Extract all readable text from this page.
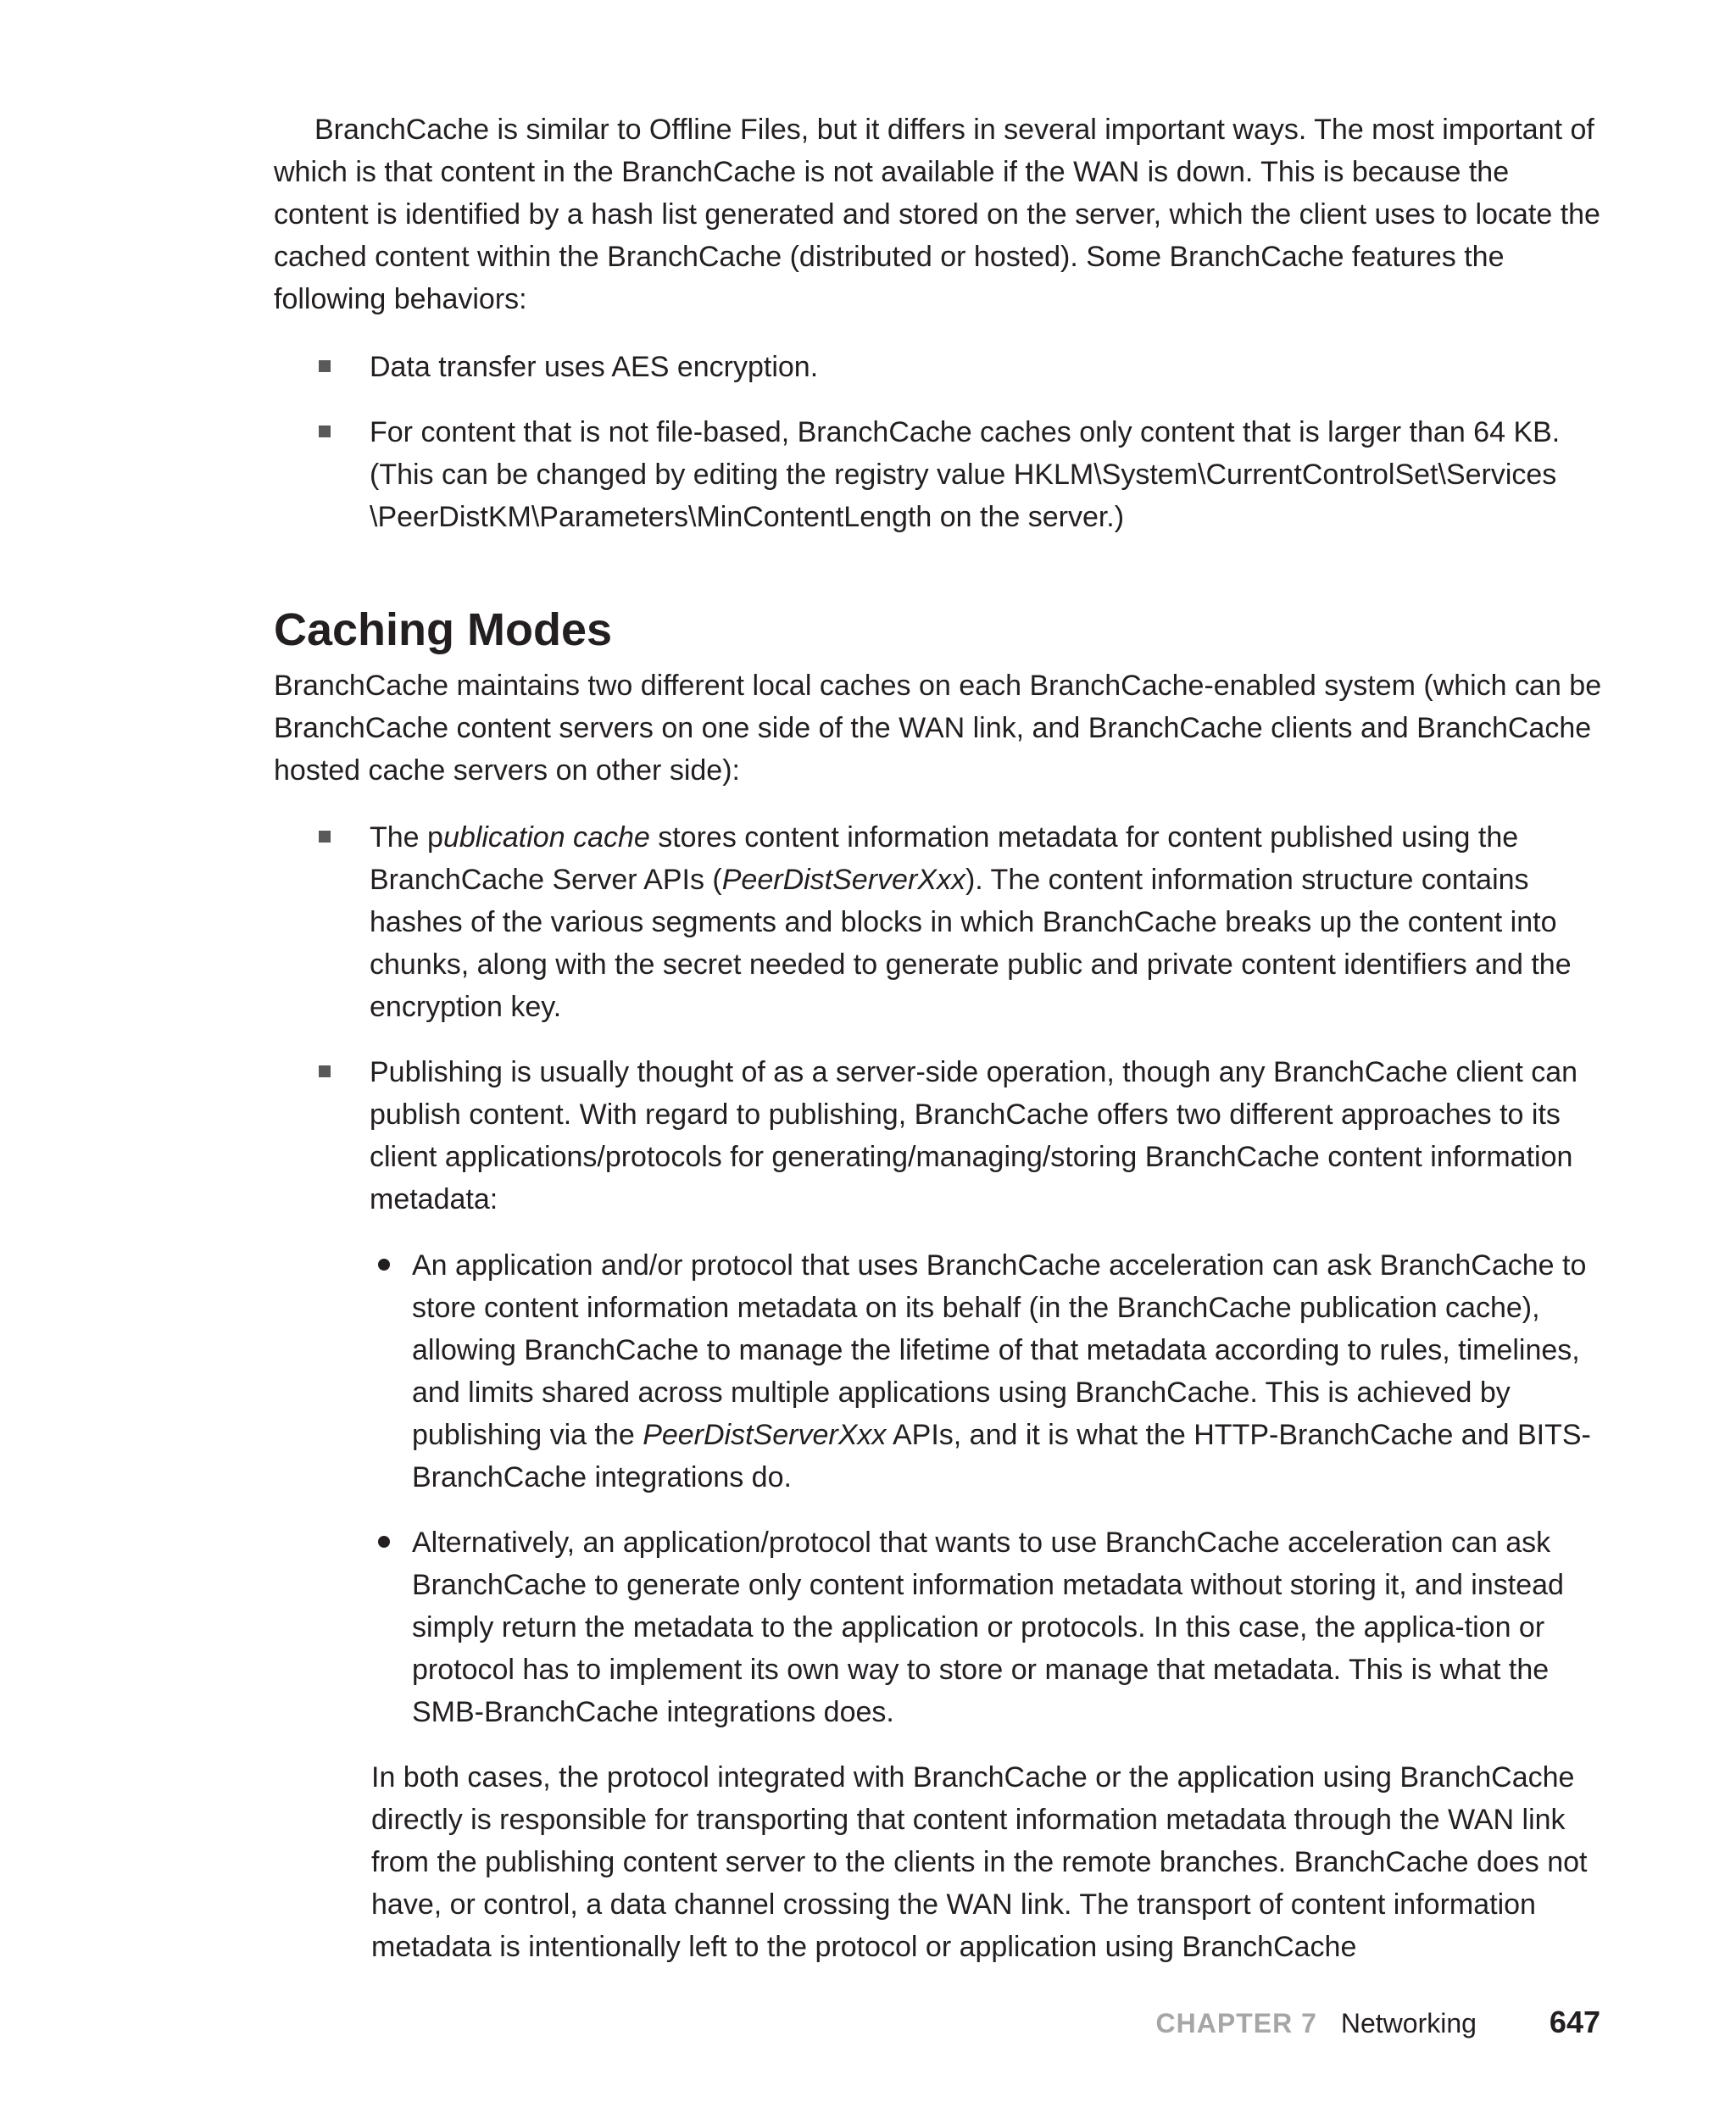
BranchCache is similar to Offline Files, but it differs in several important ways. The most important of which is that content in the BranchCache is not available if the WAN is down. This is because the content is identified by a hash list generated and stored on the server, which the client uses to locate the cached content within the BranchCache (distributed or hosted). Some BranchCache features the following behaviors:

Data transfer uses AES encryption.

For content that is not file-based, BranchCache caches only content that is larger than 64 KB. (This can be changed by editing the registry value HKLM\System\CurrentControlSet\Services \PeerDistKM\Parameters\MinContentLength on the server.)

Caching Modes

BranchCache maintains two different local caches on each BranchCache-enabled system (which can be BranchCache content servers on one side of the WAN link, and BranchCache clients and BranchCache hosted cache servers on other side):

The publication cache stores content information metadata for content published using the BranchCache Server APIs (PeerDistServerXxx). The content information structure contains hashes of the various segments and blocks in which BranchCache breaks up the content into chunks, along with the secret needed to generate public and private content identifiers and the encryption key.

Publishing is usually thought of as a server-side operation, though any BranchCache client can publish content. With regard to publishing, BranchCache offers two different approaches to its client applications/protocols for generating/managing/storing BranchCache content information metadata:

An application and/or protocol that uses BranchCache acceleration can ask BranchCache to store content information metadata on its behalf (in the BranchCache publication cache), allowing BranchCache to manage the lifetime of that metadata according to rules, timelines, and limits shared across multiple applications using BranchCache. This is achieved by publishing via the PeerDistServerXxx APIs, and it is what the HTTP-BranchCache and BITS-BranchCache integrations do.

Alternatively, an application/protocol that wants to use BranchCache acceleration can ask BranchCache to generate only content information metadata without storing it, and instead simply return the metadata to the application or protocols. In this case, the applica-tion or protocol has to implement its own way to store or manage that metadata. This is what the SMB-BranchCache integrations does.

In both cases, the protocol integrated with BranchCache or the application using BranchCache directly is responsible for transporting that content information metadata through the WAN link from the publishing content server to the clients in the remote branches. BranchCache does not have, or control, a data channel crossing the WAN link. The transport of content information metadata is intentionally left to the protocol or application using BranchCache

CHAPTER 7 Networking 647
